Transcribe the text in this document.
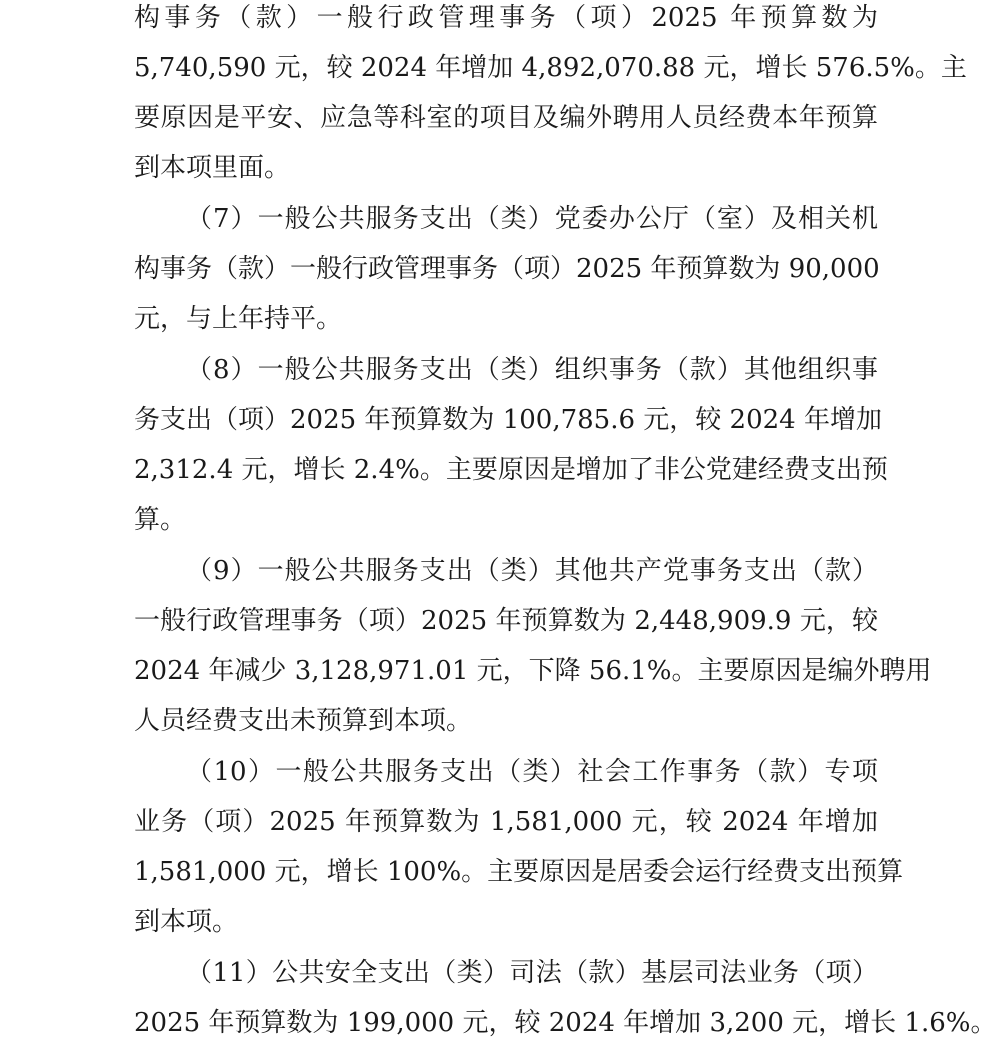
构事务（款）一般行政管理事务（项）2025 年预算数为
5,740,590 元，较 2024 年增加 4,892,070.88 元，增长 576.5%。主
要原因是平安、应急等科室的项目及编外聘用人员经费本年预算
到本项里面。
（7）一般公共服务支出（类）党委办公厅（室）及相关机
构事务（款）一般行政管理事务（项）2025 年预算数为 90,000
元，与上年持平。
（8）一般公共服务支出（类）组织事务（款）其他组织事
务支出（项）2025 年预算数为 100,785.6 元，较 2024 年增加
2,312.4 元，增长 2.4%。主要原因是增加了非公党建经费支出预
算。
（9）一般公共服务支出（类）其他共产党事务支出（款）
一般行政管理事务（项）2025 年预算数为 2,448,909.9 元，较
2024 年减少 3,128,971.01 元，下降 56.1%。主要原因是编外聘用
人员经费支出未预算到本项。
（10）一般公共服务支出（类）社会工作事务（款）专项
业务（项）2025 年预算数为 1,581,000 元，较 2024 年增加
1,581,000 元，增长 100%。主要原因是居委会运行经费支出预算
到本项。
（11）公共安全支出（类）司法（款）基层司法业务（项）
2025 年预算数为 199,000 元，较 2024 年增加 3,200 元，增长 1.6%。
